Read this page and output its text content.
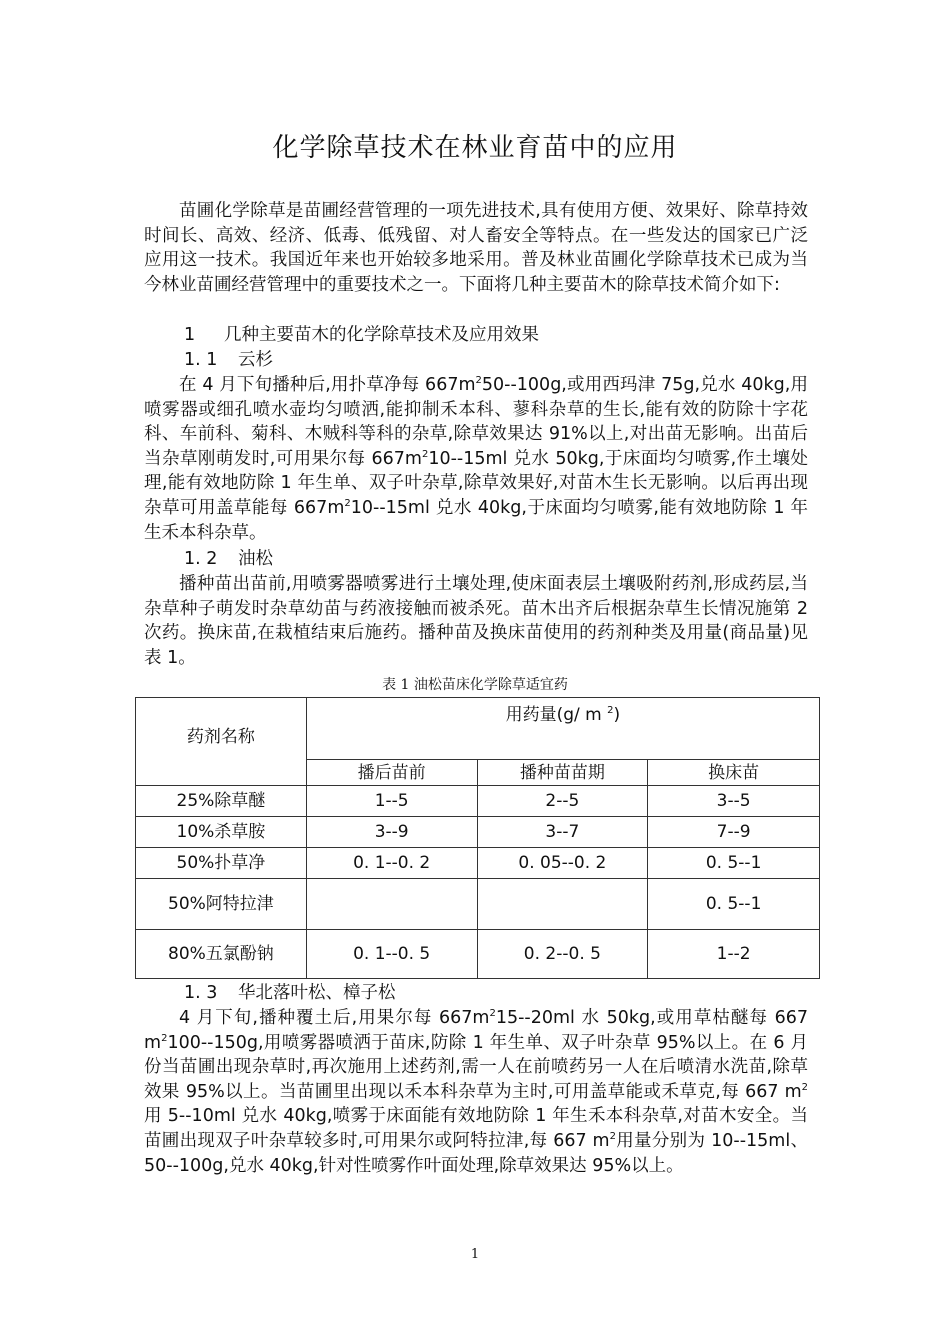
化学除草技术在林业育苗中的应用

苗圃化学除草是苗圃经营管理的一项先进技术,具有使用方便、效果好、除草持效时间长、高效、经济、低毒、低残留、对人畜安全等特点。在一些发达的国家已广泛应用这一技术。我国近年来也开始较多地采用。普及林业苗圃化学除草技术已成为当今林业苗圃经营管理中的重要技术之一。下面将几种主要苗木的除草技术简介如下:

1 几种主要苗木的化学除草技术及应用效果
1. 1 云杉

在 4 月下旬播种后,用扑草净每 $667m^250--100g$,或用西玛津 75g,兑水 40kg,用喷雾器或细孔喷水壶均匀喷洒,能抑制禾本科、蓼科杂草的生长,能有效的防除十字花科、车前科、菊科、木贼科等科的杂草,除草效果达 91%以上,对出苗无影响。出苗后当杂草刚萌发时,可用果尔每 $667m^210--15ml$ 兑水 50kg,于床面均匀喷雾,作土壤处理,能有效地防除 1 年生单、双子叶杂草,除草效果好,对苗木生长无影响。以后再出现杂草可用盖草能每 $667m^210--15ml$ 兑水 40kg,于床面均匀喷雾,能有效地防除 1 年生禾本科杂草。

1. 2 油松

播种苗出苗前,用喷雾器喷雾进行土壤处理,使床面表层土壤吸附药剂,形成药层,当杂草种子萌发时杂草幼苗与药液接触而被杀死。苗木出齐后根据杂草生长情况施第 2 次药。换床苗,在栽植结束后施药。播种苗及换床苗使用的药剂种类及用量(商品量)见表 1。

表 1 油松苗床化学除草适宜药
药剂名称	用药量(g/ m $^2$)		
	播后苗前	播种苗苗期	换床苗
25%除草醚	1--5	2--5	3--5
10%杀草胺	3--9	3--7	7--9
50%扑草净	0. 1--0. 2	0. 05--0. 2	0. 5--1
50%阿特拉津			0. 5--1
80%五氯酚钠	0. 1--0. 5	0. 2--0. 5	1--2
1. 3 华北落叶松、樟子松

4 月下旬,播种覆土后,用果尔每 $667m^215--20ml$ 水 50kg,或用草枯醚每 667 $m^2100--150g$,用喷雾器喷洒于苗床,防除 1 年生单、双子叶杂草 95%以上。在 6 月份当苗圃出现杂草时,再次施用上述药剂,需一人在前喷药另一人在后喷清水洗苗,除草效果 95%以上。当苗圃里出现以禾本科杂草为主时,可用盖草能或禾草克,每 667 $m^2$用 5--10ml 兑水 40kg,喷雾于床面能有效地防除 1 年生禾本科杂草,对苗木安全。当苗圃出现双子叶杂草较多时,可用果尔或阿特拉津,每 667 $m^2$用量分别为 10--15ml、50--100g,兑水 40kg,针对性喷雾作叶面处理,除草效果达 95%以上。

1
